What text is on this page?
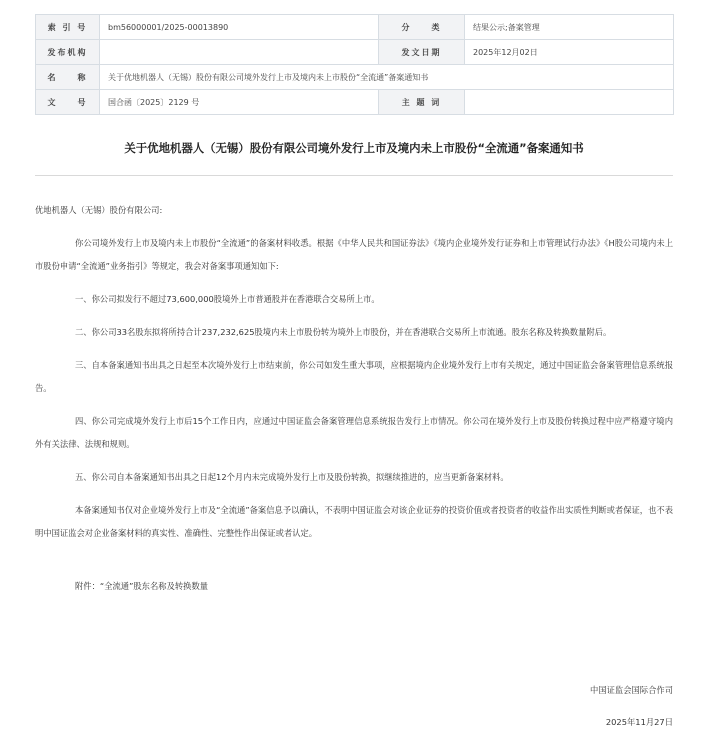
索 引 号	bm56000001/2025-00013890	分　　类	结果公示;备案管理
发布机构		发文日期	2025年12月02日
名　　称	关于优地机器人（无锡）股份有限公司境外发行上市及境内未上市股份“全流通”备案通知书		
文　　号	国合函〔2025〕2129 号	主 题 词	
关于优地机器人（无锡）股份有限公司境外发行上市及境内未上市股份“全流通”备案通知书

优地机器人（无锡）股份有限公司:

你公司境外发行上市及境内未上市股份“全流通”的备案材料收悉。根据《中华人民共和国证券法》《境内企业境外发行证券和上市管理试行办法》《H股公司境内未上市股份申请“全流通”业务指引》等规定，我会对备案事项通知如下:

一、你公司拟发行不超过73,600,000股境外上市普通股并在香港联合交易所上市。

二、你公司33名股东拟将所持合计237,232,625股境内未上市股份转为境外上市股份，并在香港联合交易所上市流通。股东名称及转换数量附后。

三、自本备案通知书出具之日起至本次境外发行上市结束前，你公司如发生重大事项，应根据境内企业境外发行上市有关规定，通过中国证监会备案管理信息系统报告。

四、你公司完成境外发行上市后15个工作日内，应通过中国证监会备案管理信息系统报告发行上市情况。你公司在境外发行上市及股份转换过程中应严格遵守境内外有关法律、法规和规则。

五、你公司自本备案通知书出具之日起12个月内未完成境外发行上市及股份转换，拟继续推进的，应当更新备案材料。

本备案通知书仅对企业境外发行上市及“全流通”备案信息予以确认，不表明中国证监会对该企业证券的投资价值或者投资者的收益作出实质性判断或者保证，也不表明中国证监会对企业备案材料的真实性、准确性、完整性作出保证或者认定。

附件：“全流通”股东名称及转换数量

中国证监会国际合作司
2025年11月27日
